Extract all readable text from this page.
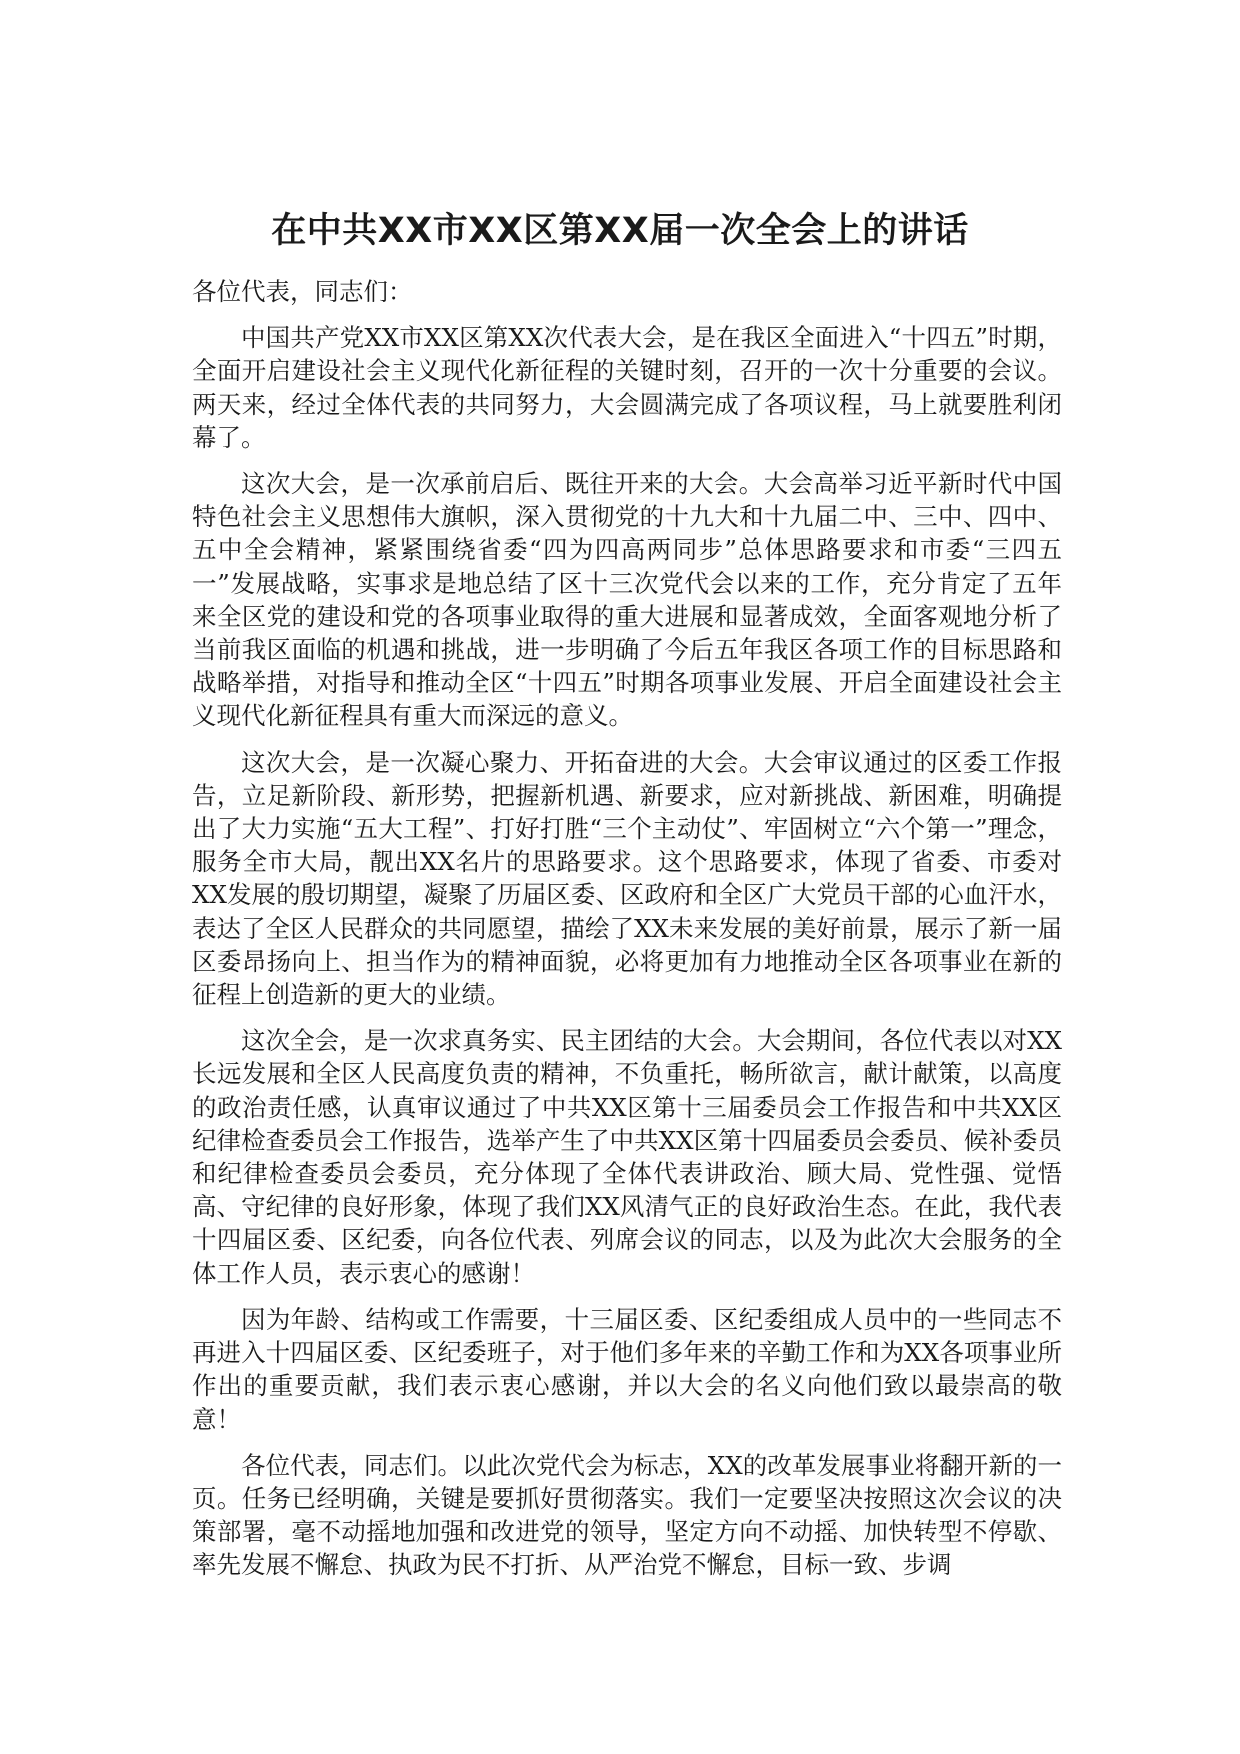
在中共XX市XX区第XX届一次全会上的讲话

各位代表，同志们：

中国共产党XX市XX区第XX次代表大会，是在我区全面进入“十四五”时期，全面开启建设社会主义现代化新征程的关键时刻，召开的一次十分重要的会议。两天来，经过全体代表的共同努力，大会圆满完成了各项议程，马上就要胜利闭幕了。

这次大会，是一次承前启后、既往开来的大会。大会高举习近平新时代中国特色社会主义思想伟大旗帜，深入贯彻党的十九大和十九届二中、三中、四中、五中全会精神，紧紧围绕省委“四为四高两同步”总体思路要求和市委“三四五一”发展战略，实事求是地总结了区十三次党代会以来的工作，充分肯定了五年来全区党的建设和党的各项事业取得的重大进展和显著成效，全面客观地分析了当前我区面临的机遇和挑战，进一步明确了今后五年我区各项工作的目标思路和战略举措，对指导和推动全区“十四五”时期各项事业发展、开启全面建设社会主义现代化新征程具有重大而深远的意义。

这次大会，是一次凝心聚力、开拓奋进的大会。大会审议通过的区委工作报告，立足新阶段、新形势，把握新机遇、新要求，应对新挑战、新困难，明确提出了大力实施“五大工程”、打好打胜“三个主动仗”、牢固树立“六个第一”理念，服务全市大局，靓出XX名片的思路要求。这个思路要求，体现了省委、市委对XX发展的殷切期望，凝聚了历届区委、区政府和全区广大党员干部的心血汗水，表达了全区人民群众的共同愿望，描绘了XX未来发展的美好前景，展示了新一届区委昂扬向上、担当作为的精神面貌，必将更加有力地推动全区各项事业在新的征程上创造新的更大的业绩。

这次全会，是一次求真务实、民主团结的大会。大会期间，各位代表以对XX长远发展和全区人民高度负责的精神，不负重托，畅所欲言，献计献策，以高度的政治责任感，认真审议通过了中共XX区第十三届委员会工作报告和中共XX区纪律检查委员会工作报告，选举产生了中共XX区第十四届委员会委员、候补委员和纪律检查委员会委员，充分体现了全体代表讲政治、顾大局、党性强、觉悟高、守纪律的良好形象，体现了我们XX风清气正的良好政治生态。在此，我代表十四届区委、区纪委，向各位代表、列席会议的同志，以及为此次大会服务的全体工作人员，表示衷心的感谢！

因为年龄、结构或工作需要，十三届区委、区纪委组成人员中的一些同志不再进入十四届区委、区纪委班子，对于他们多年来的辛勤工作和为XX各项事业所作出的重要贡献，我们表示衷心感谢，并以大会的名义向他们致以最崇高的敬意！

各位代表，同志们。以此次党代会为标志，XX的改革发展事业将翻开新的一页。任务已经明确，关键是要抓好贯彻落实。我们一定要坚决按照这次会议的决策部署，毫不动摇地加强和改进党的领导，坚定方向不动摇、加快转型不停歇、率先发展不懈怠、执政为民不打折、从严治党不懈怠，目标一致、步调
